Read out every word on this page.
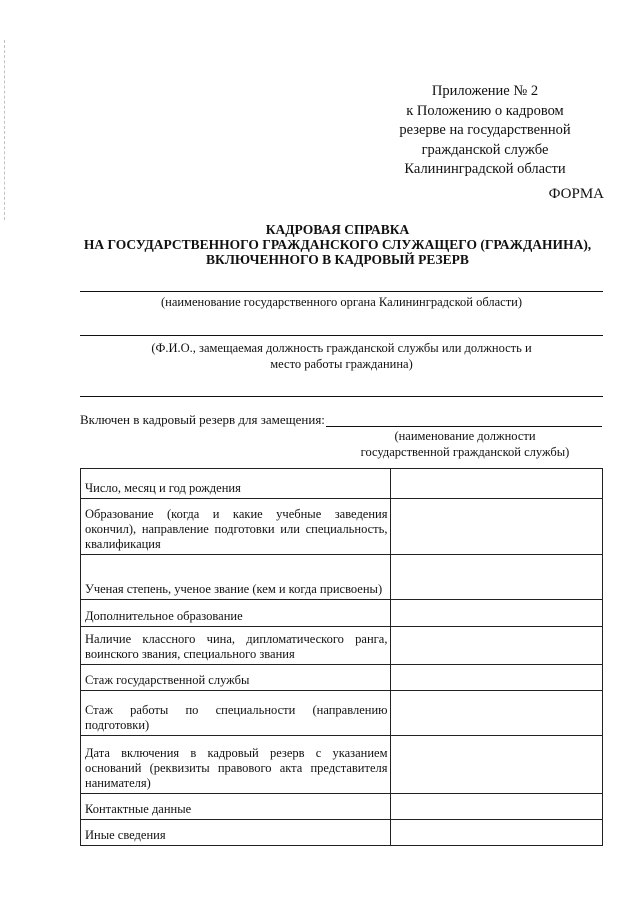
Приложение № 2
к Положению о кадровом
резерве на государственной
гражданской службе
Калининградской области
ФОРМА
КАДРОВАЯ СПРАВКА
НА ГОСУДАРСТВЕННОГО ГРАЖДАНСКОГО СЛУЖАЩЕГО (ГРАЖДАНИНА),
ВКЛЮЧЕННОГО В КАДРОВЫЙ РЕЗЕРВ
(наименование государственного органа Калининградской области)
(Ф.И.О., замещаемая должность гражданской службы или должность и
место работы гражданина)
Включен в кадровый резерв для замещения:
(наименование должности
государственной гражданской службы)
Число, месяц и год рождения	
Образование (когда и какие учебные заведения окончил), направление подготовки или специальность, квалификация	
Ученая степень, ученое звание (кем и когда присвоены)	
Дополнительное образование	
Наличие классного чина, дипломатического ранга, воинского звания, специального звания	
Стаж государственной службы	
Стаж работы по специальности (направлению подготовки)	
Дата включения в кадровый резерв с указанием оснований (реквизиты правового акта представителя нанимателя)	
Контактные данные	
Иные сведения	
